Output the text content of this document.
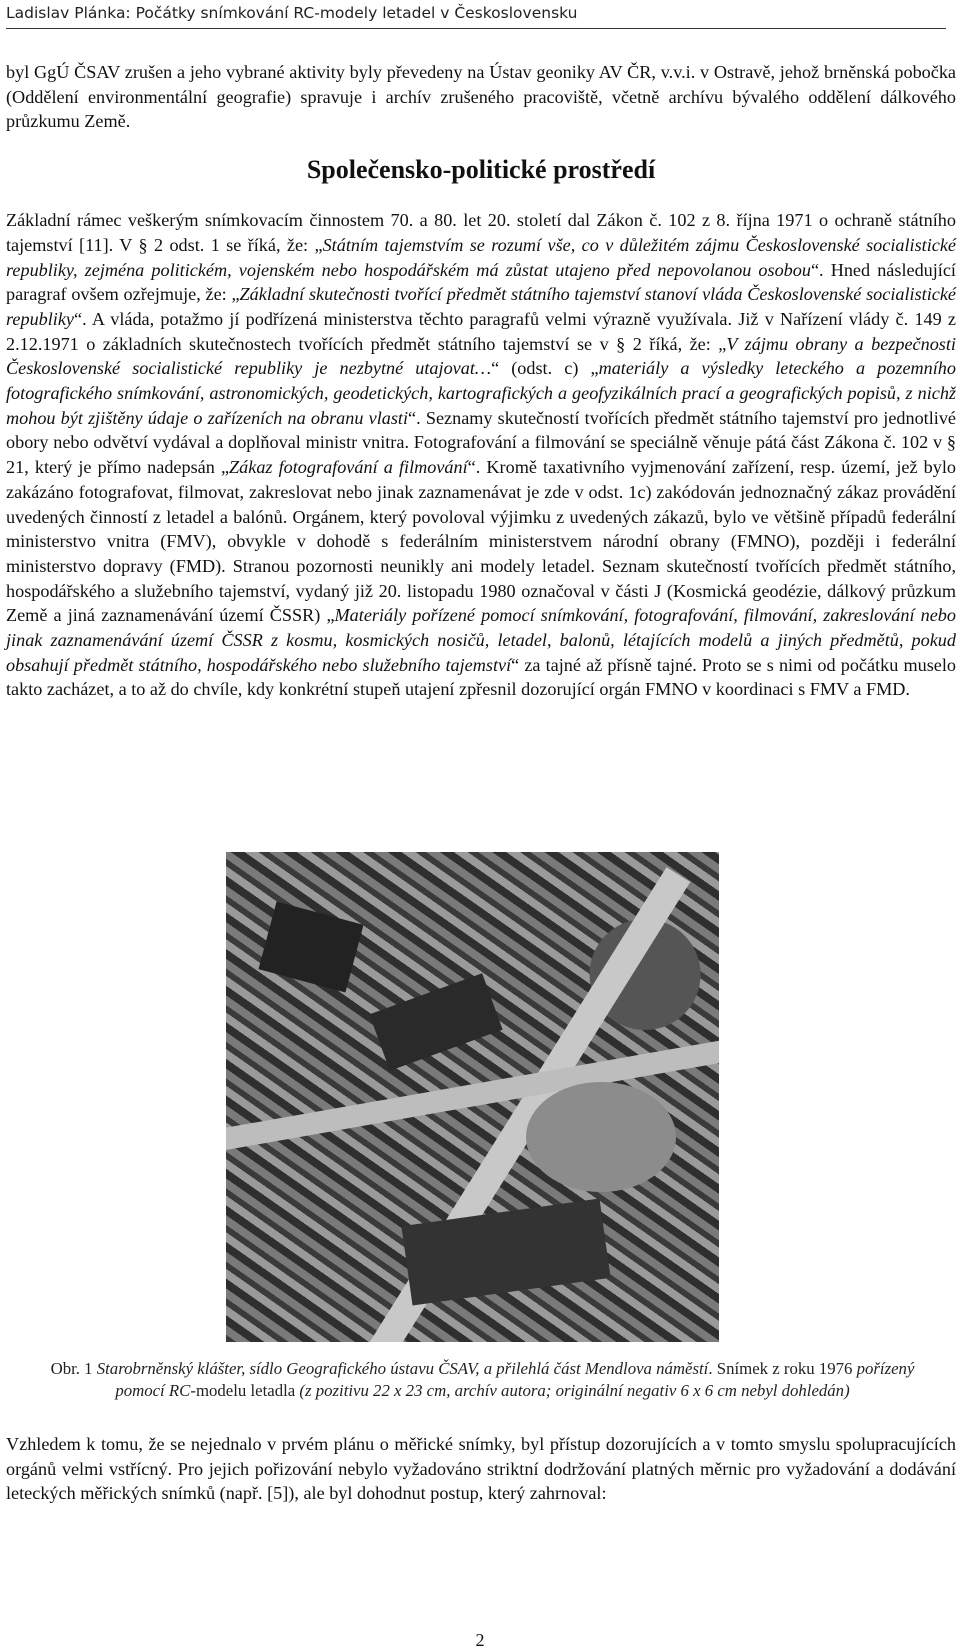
Ladislav Plánka: Počátky snímkování RC-modely letadel v Československu

byl GgÚ ČSAV zrušen a jeho vybrané aktivity byly převedeny na Ústav geoniky AV ČR, v.v.i. v Ostravě, jehož brněnská pobočka (Oddělení environmentální geografie) spravuje i archív zrušeného pracoviště, včetně archívu bývalého oddělení dálkového průzkumu Země.

Společensko-politické prostředí

Základní rámec veškerým snímkovacím činnostem 70. a 80. let 20. století dal Zákon č. 102 z 8. října 1971 o ochraně státního tajemství [11]. V § 2 odst. 1 se říká, že: „Státním tajemstvím se rozumí vše, co v důležitém zájmu Československé socialistické republiky, zejména politickém, vojenském nebo hospodářském má zůstat utajeno před nepovolanou osobou“. Hned následující paragraf ovšem ozřejmuje, že: „Základní skutečnosti tvořící předmět státního tajemství stanoví vláda Československé socialistické republiky“. A vláda, potažmo jí podřízená ministerstva těchto paragrafů velmi výrazně využívala. Již v Nařízení vlády č. 149 z 2.12.1971 o základních skutečnostech tvořících předmět státního tajemství se v § 2 říká, že: „V zájmu obrany a bezpečnosti Československé socialistické republiky je nezbytné utajovat…“ (odst. c) „materiály a výsledky leteckého a pozemního fotografického snímkování, astronomických, geodetických, kartografických a geofyzikálních prací a geografických popisů, z nichž mohou být zjištěny údaje o zařízeních na obranu vlasti“. Seznamy skutečností tvořících předmět státního tajemství pro jednotlivé obory nebo odvětví vydával a doplňoval ministr vnitra. Fotografování a filmování se speciálně věnuje pátá část Zákona č. 102 v § 21, který je přímo nadepsán „Zákaz fotografování a filmování“. Kromě taxativního vyjmenování zařízení, resp. území, jež bylo zakázáno fotografovat, filmovat, zakreslovat nebo jinak zaznamenávat je zde v odst. 1c) zakódován jednoznačný zákaz provádění uvedených činností z letadel a balónů. Orgánem, který povoloval výjimku z uvedených zákazů, bylo ve většině případů federální ministerstvo vnitra (FMV), obvykle v dohodě s federálním ministerstvem národní obrany (FMNO), později i federální ministerstvo dopravy (FMD). Stranou pozornosti neunikly ani modely letadel. Seznam skutečností tvořících předmět státního, hospodářského a služebního tajemství, vydaný již 20. listopadu 1980 označoval v části J (Kosmická geodézie, dálkový průzkum Země a jiná zaznamenávání území ČSSR) „Materiály pořízené pomocí snímkování, fotografování, filmování, zakreslování nebo jinak zaznamenávání území ČSSR z kosmu, kosmických nosičů, letadel, balonů, létajících modelů a jiných předmětů, pokud obsahují předmět státního, hospodářského nebo služebního tajemství“ za tajné až přísně tajné. Proto se s nimi od počátku muselo takto zacházet, a to až do chvíle, kdy konkrétní stupeň utajení zpřesnil dozorující orgán FMNO v koordinaci s FMV a FMD.

Obr. 1 Starobrněnský klášter, sídlo Geografického ústavu ČSAV, a přilehlá část Mendlova náměstí. Snímek z roku 1976 pořízený pomocí RC-modelu letadla (z pozitivu 22 x 23 cm, archív autora; originální negativ 6 x 6 cm nebyl dohledán)

Vzhledem k tomu, že se nejednalo v prvém plánu o měřické snímky, byl přístup dozorujících a v tomto smyslu spolupracujících orgánů velmi vstřícný. Pro jejich pořizování nebylo vyžadováno striktní dodržování platných měrnic pro vyžadování a dodávání leteckých měřických snímků (např. [5]), ale byl dohodnut postup, který zahrnoval:

2
